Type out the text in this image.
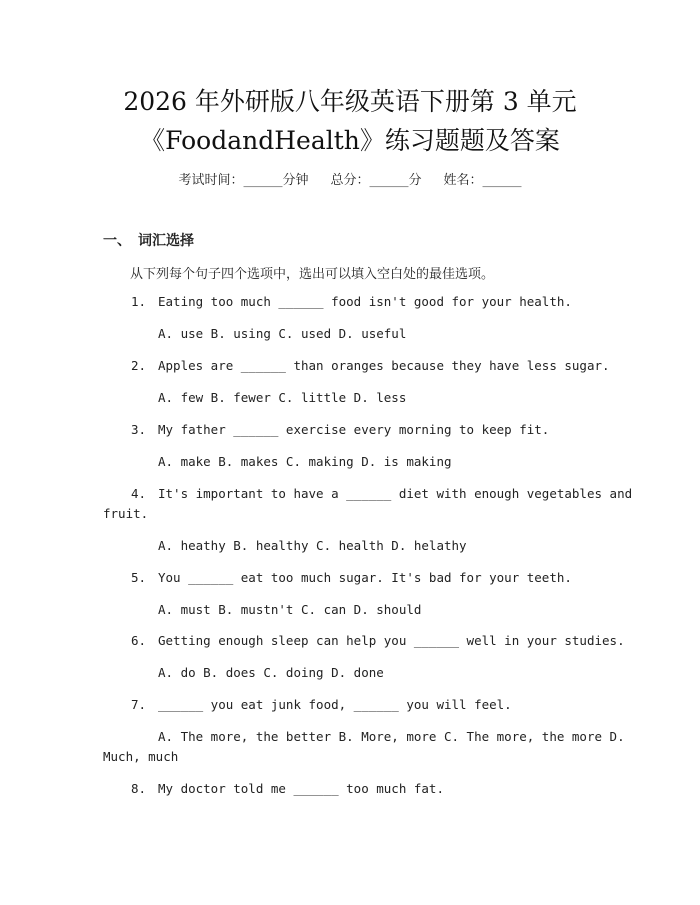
2026 年外研版八年级英语下册第 3 单元
《FoodandHealth》练习题题及答案
考试时间：______分钟 总分：______分 姓名：______
一、 词汇选择
从下列每个句子四个选项中，选出可以填入空白处的最佳选项。
1. Eating too much ______ food isn't good for your health.
A. use B. using C. used D. useful
2. Apples are ______ than oranges because they have less sugar.
A. few B. fewer C. little D. less
3. My father ______ exercise every morning to keep fit.
A. make B. makes C. making D. is making
4. It's important to have a ______ diet with enough vegetables and
fruit.
A. heathy B. healthy C. health D. helathy
5. You ______ eat too much sugar. It's bad for your teeth.
A. must B. mustn't C. can D. should
6. Getting enough sleep can help you ______ well in your studies.
A. do B. does C. doing D. done
7. ______ you eat junk food, ______ you will feel.
A. The more, the better B. More, more C. The more, the more D.
Much, much
8. My doctor told me ______ too much fat.
